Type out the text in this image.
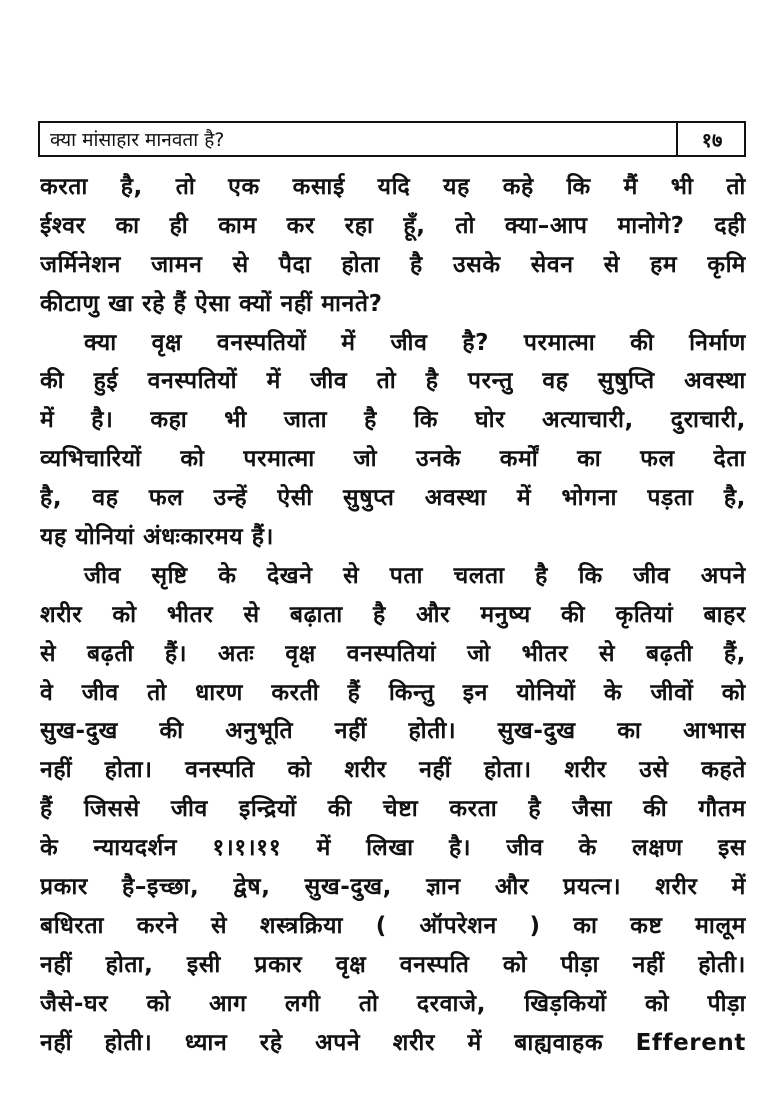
क्या मांसाहार मानवता है?	१७
करता है, तो एक कसाई यदि यह कहे कि मैं भी तो
ईश्वर का ही काम कर रहा हूँ, तो क्या–आप मानोगे? दही
जर्मिनेशन जामन से पैदा होता है उसके सेवन से हम कृमि
कीटाणु खा रहे हैं ऐसा क्यों नहीं मानते?
क्या वृक्ष वनस्पतियों में जीव है? परमात्मा की निर्माण
की हुई वनस्पतियों में जीव तो है परन्तु वह सुषुप्ति अवस्था
में है। कहा भी जाता है कि घोर अत्याचारी, दुराचारी,
व्यभिचारियों को परमात्मा जो उनके कर्मों का फल देता
है, वह फल उन्हें ऐसी सुषुप्त अवस्था में भोगना पड़ता है,
यह योनियां अंधःकारमय हैं।
जीव सृष्टि के देखने से पता चलता है कि जीव अपने
शरीर को भीतर से बढ़ाता है और मनुष्य की कृतियां बाहर
से बढ़ती हैं। अतः वृक्ष वनस्पतियां जो भीतर से बढ़ती हैं,
वे जीव तो धारण करती हैं किन्तु इन योनियों के जीवों को
सुख-दुख की अनुभूति नहीं होती। सुख-दुख का आभास
नहीं होता। वनस्पति को शरीर नहीं होता। शरीर उसे कहते
हैं जिससे जीव इन्द्रियों की चेष्टा करता है जैसा की गौतम
के न्यायदर्शन १।१।११ में लिखा है। जीव के लक्षण इस
प्रकार है–इच्छा, द्वेष, सुख-दुख, ज्ञान और प्रयत्न। शरीर में
बधिरता करने से शस्त्रक्रिया ( ऑपरेशन ) का कष्ट मालूम
नहीं होता, इसी प्रकार वृक्ष वनस्पति को पीड़ा नहीं होती।
जैसे-घर को आग लगी तो दरवाजे, खिड़कियों को पीड़ा
नहीं होती। ध्यान रहे अपने शरीर में बाह्यवाहक Efferent
